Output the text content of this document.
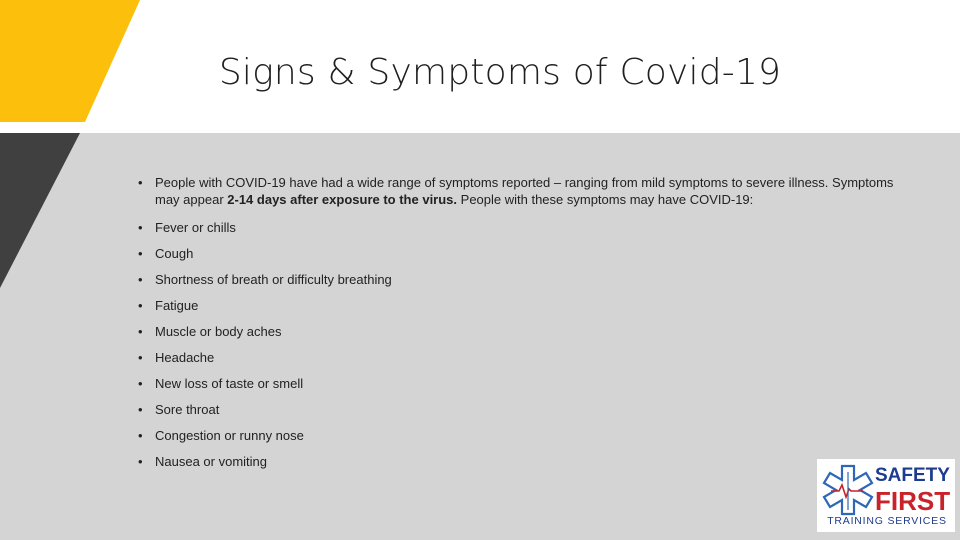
Signs & Symptoms of Covid-19
• People with COVID-19 have had a wide range of symptoms reported – ranging from mild symptoms to severe illness. Symptoms may appear 2-14 days after exposure to the virus. People with these symptoms may have COVID-19:
• Fever or chills
• Cough
• Shortness of breath or difficulty breathing
• Fatigue
• Muscle or body aches
• Headache
• New loss of taste or smell
• Sore throat
• Congestion or runny nose
• Nausea or vomiting
SAFETY
FIRST
TRAINING SERVICES
